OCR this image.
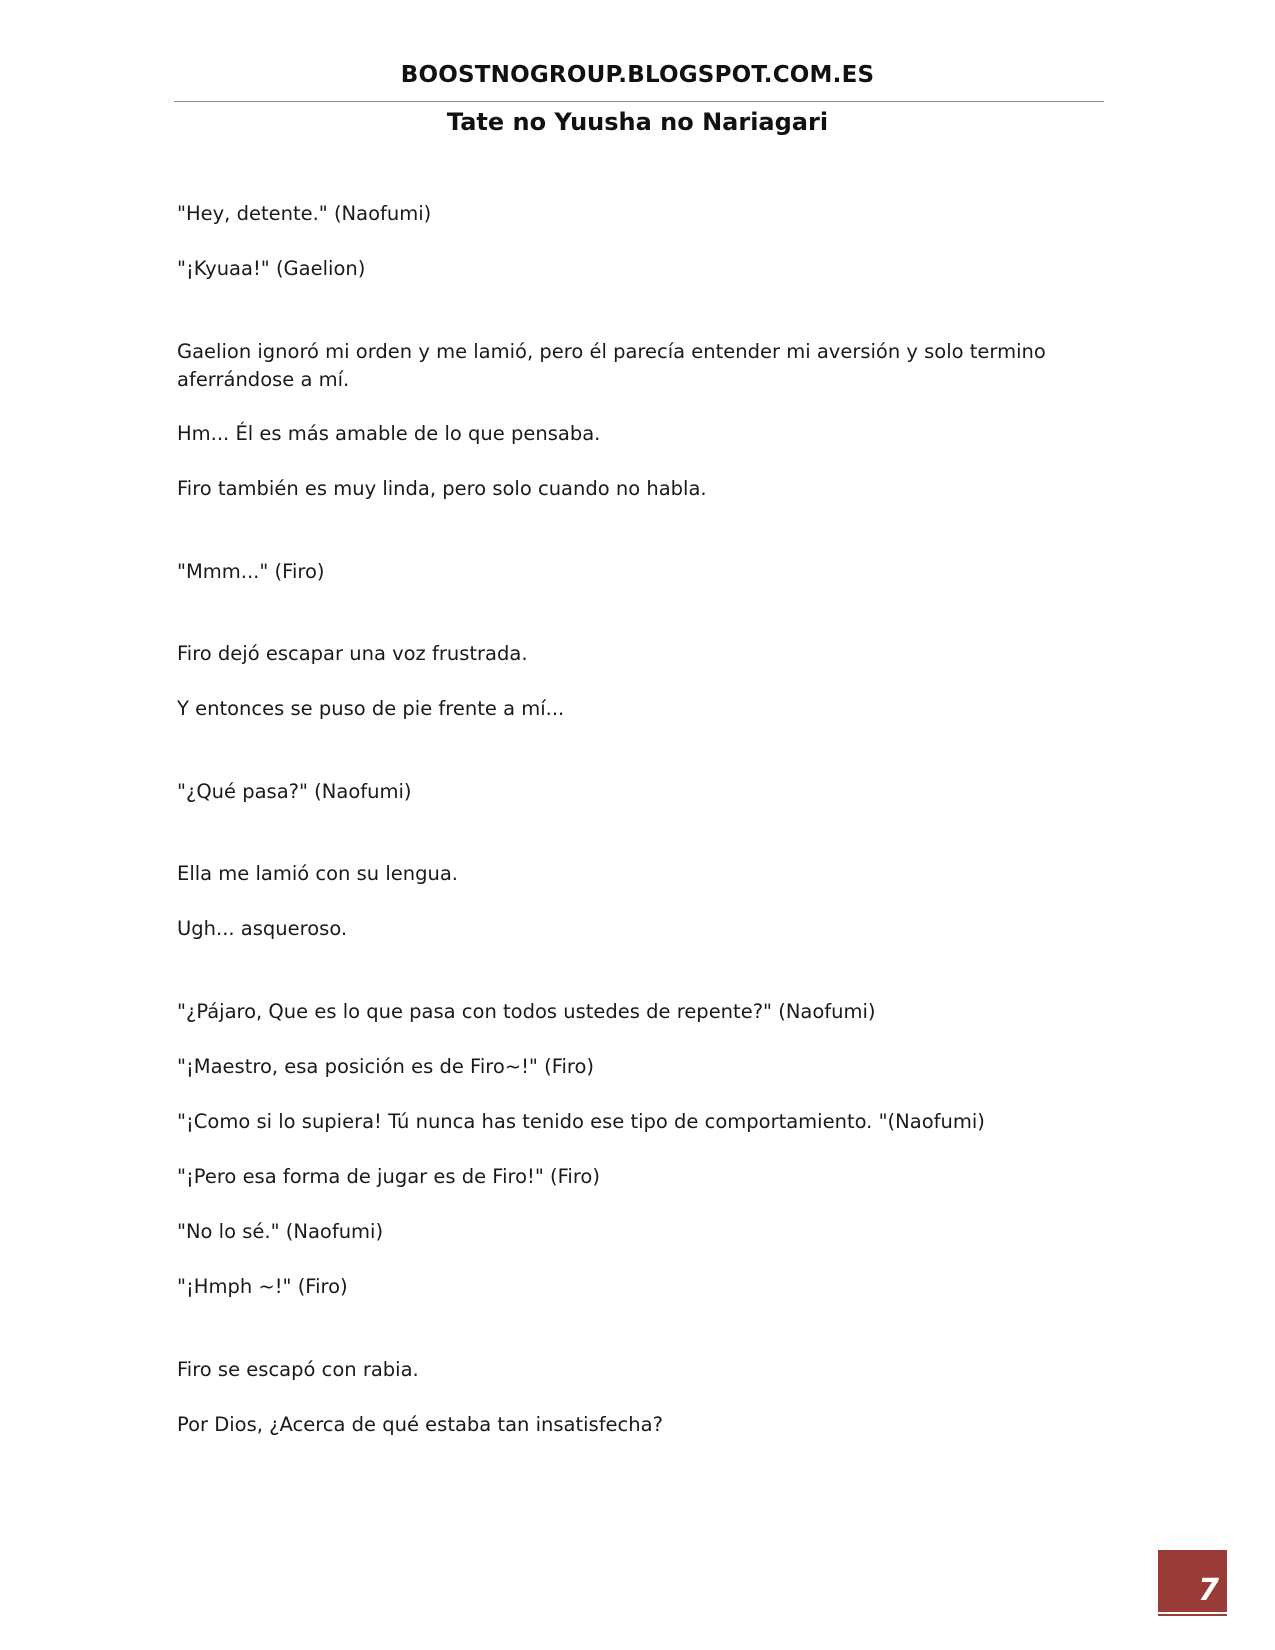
BOOSTNOGROUP.BLOGSPOT.COM.ES
Tate no Yuusha no Nariagari

"Hey, detente." (Naofumi)

"¡Kyuaa!" (Gaelion)

Gaelion ignoró mi orden y me lamió, pero él parecía entender mi aversión y solo termino aferrándose a mí.

Hm... Él es más amable de lo que pensaba.

Firo también es muy linda, pero solo cuando no habla.

"Mmm..." (Firo)

Firo dejó escapar una voz frustrada.

Y entonces se puso de pie frente a mí...

"¿Qué pasa?" (Naofumi)

Ella me lamió con su lengua.

Ugh... asqueroso.

"¿Pájaro, Que es lo que pasa con todos ustedes de repente?" (Naofumi)

"¡Maestro, esa posición es de Firo~!" (Firo)

"¡Como si lo supiera! Tú nunca has tenido ese tipo de comportamiento. "(Naofumi)

"¡Pero esa forma de jugar es de Firo!" (Firo)

"No lo sé." (Naofumi)

"¡Hmph ~!" (Firo)

Firo se escapó con rabia.

Por Dios, ¿Acerca de qué estaba tan insatisfecha?

7
